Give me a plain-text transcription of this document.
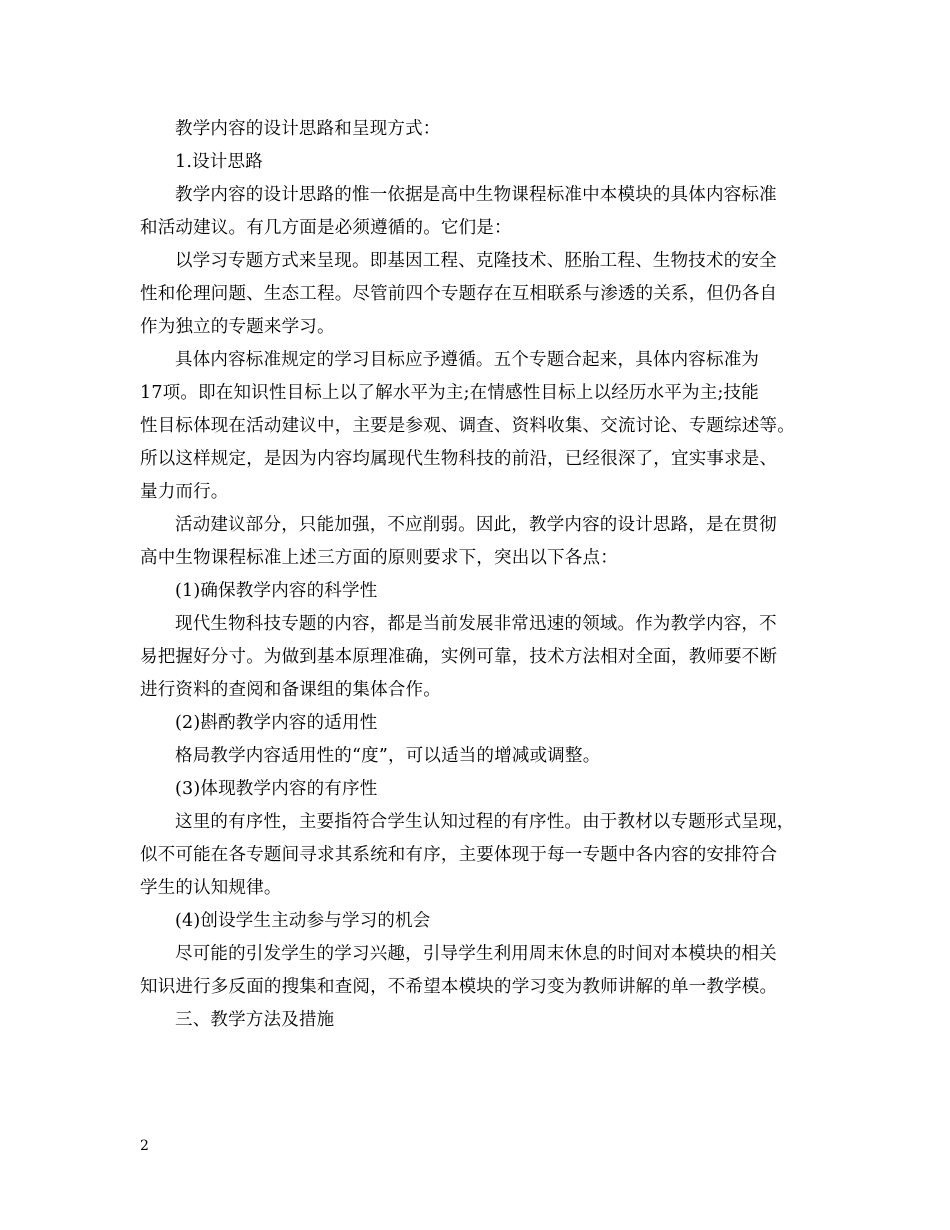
教学内容的设计思路和呈现方式：

1.设计思路

教学内容的设计思路的惟一依据是高中生物课程标准中本模块的具体内容标准
和活动建议。有几方面是必须遵循的。它们是：

以学习专题方式来呈现。即基因工程、克隆技术、胚胎工程、生物技术的安全
性和伦理问题、生态工程。尽管前四个专题存在互相联系与渗透的关系，但仍各自
作为独立的专题来学习。

具体内容标准规定的学习目标应予遵循。五个专题合起来，具体内容标准为
17项。即在知识性目标上以了解水平为主;在情感性目标上以经历水平为主;技能
性目标体现在活动建议中，主要是参观、调查、资料收集、交流讨论、专题综述等。
所以这样规定，是因为内容均属现代生物科技的前沿，已经很深了，宜实事求是、
量力而行。

活动建议部分，只能加强，不应削弱。因此，教学内容的设计思路，是在贯彻
高中生物课程标准上述三方面的原则要求下，突出以下各点：

(1)确保教学内容的科学性

现代生物科技专题的内容，都是当前发展非常迅速的领域。作为教学内容，不
易把握好分寸。为做到基本原理准确，实例可靠，技术方法相对全面，教师要不断
进行资料的查阅和备课组的集体合作。

(2)斟酌教学内容的适用性

格局教学内容适用性的“度”，可以适当的增减或调整。

(3)体现教学内容的有序性

这里的有序性，主要指符合学生认知过程的有序性。由于教材以专题形式呈现，
似不可能在各专题间寻求其系统和有序，主要体现于每一专题中各内容的安排符合
学生的认知规律。

(4)创设学生主动参与学习的机会

尽可能的引发学生的学习兴趣，引导学生利用周末休息的时间对本模块的相关
知识进行多反面的搜集和查阅，不希望本模块的学习变为教师讲解的单一教学模。

三、教学方法及措施

2
